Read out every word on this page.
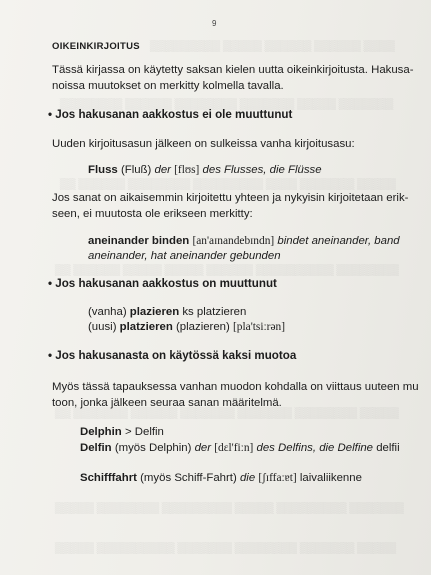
▒▒▒▒ ▒▒▒▒▒▒ ▒▒▒▒▒▒ ▒▒▒▒▒ ▒▒▒▒▒▒▒▒▒
▒▒▒▒▒▒▒ ▒▒▒▒▒ ▒▒▒▒▒▒▒ ▒▒▒▒▒▒▒▒ ▒▒▒▒▒▒ ▒▒▒▒▒▒▒▒
▒▒▒▒▒ ▒▒▒▒▒▒▒ ▒▒▒▒ ▒▒▒▒▒▒▒▒▒ ▒▒▒▒▒▒▒▒ ▒▒▒▒▒▒ ▒▒
▒▒▒▒▒▒▒▒ ▒▒▒▒▒▒▒▒▒▒ ▒▒▒▒▒▒ ▒▒▒▒▒ ▒▒▒▒▒ ▒▒▒▒▒▒ ▒▒
▒▒▒▒▒ ▒▒▒▒▒▒▒▒ ▒▒▒▒▒▒▒ ▒▒▒▒▒▒▒ ▒▒▒▒▒▒ ▒▒▒▒▒▒▒ ▒▒
▒▒▒▒▒▒▒ ▒▒▒▒▒▒▒▒▒ ▒▒▒▒▒ ▒▒▒▒▒▒▒▒▒ ▒▒▒▒▒▒▒▒ ▒▒▒▒▒
▒▒▒▒▒ ▒▒▒▒▒▒▒ ▒▒▒▒▒▒▒▒ ▒▒▒▒▒▒▒ ▒▒▒▒▒▒▒▒▒▒ ▒▒▒▒▒
9
OIKEINKIRJOITUS
Tässä kirjassa on käytetty saksan kielen uutta oikeinkirjoitusta. Hakusa-
noissa muutokset on merkitty kolmella tavalla.
• Jos hakusanan aakkostus ei ole muuttunut
Uuden kirjoitusasun jälkeen on sulkeissa vanha kirjoitusasu:
Fluss (Fluß) der [flʊs] des Flusses, die Flüsse
Jos sanat on aikaisemmin kirjoitettu yhteen ja nykyisin kirjoitetaan erik-
seen, ei muutosta ole erikseen merkitty:
aneinander binden [an'aɪnandebɪndn] bindet aneinander, band
aneinander, hat aneinander gebunden
• Jos hakusanan aakkostus on muuttunut
(vanha) plazieren ks platzieren
(uusi) platzieren (plazieren) [pla'tsiːrən]
• Jos hakusanasta on käytössä kaksi muotoa
Myös tässä tapauksessa vanhan muodon kohdalla on viittaus uuteen mu
toon, jonka jälkeen seuraa sanan määritelmä.
Delphin > Delfin
Delfin (myös Delphin) der [dɛl'fiːn] des Delfins, die Delfine delfii
Schifffahrt (myös Schiff-Fahrt) die [ʃɪffaːɐt] laivaliikenne
